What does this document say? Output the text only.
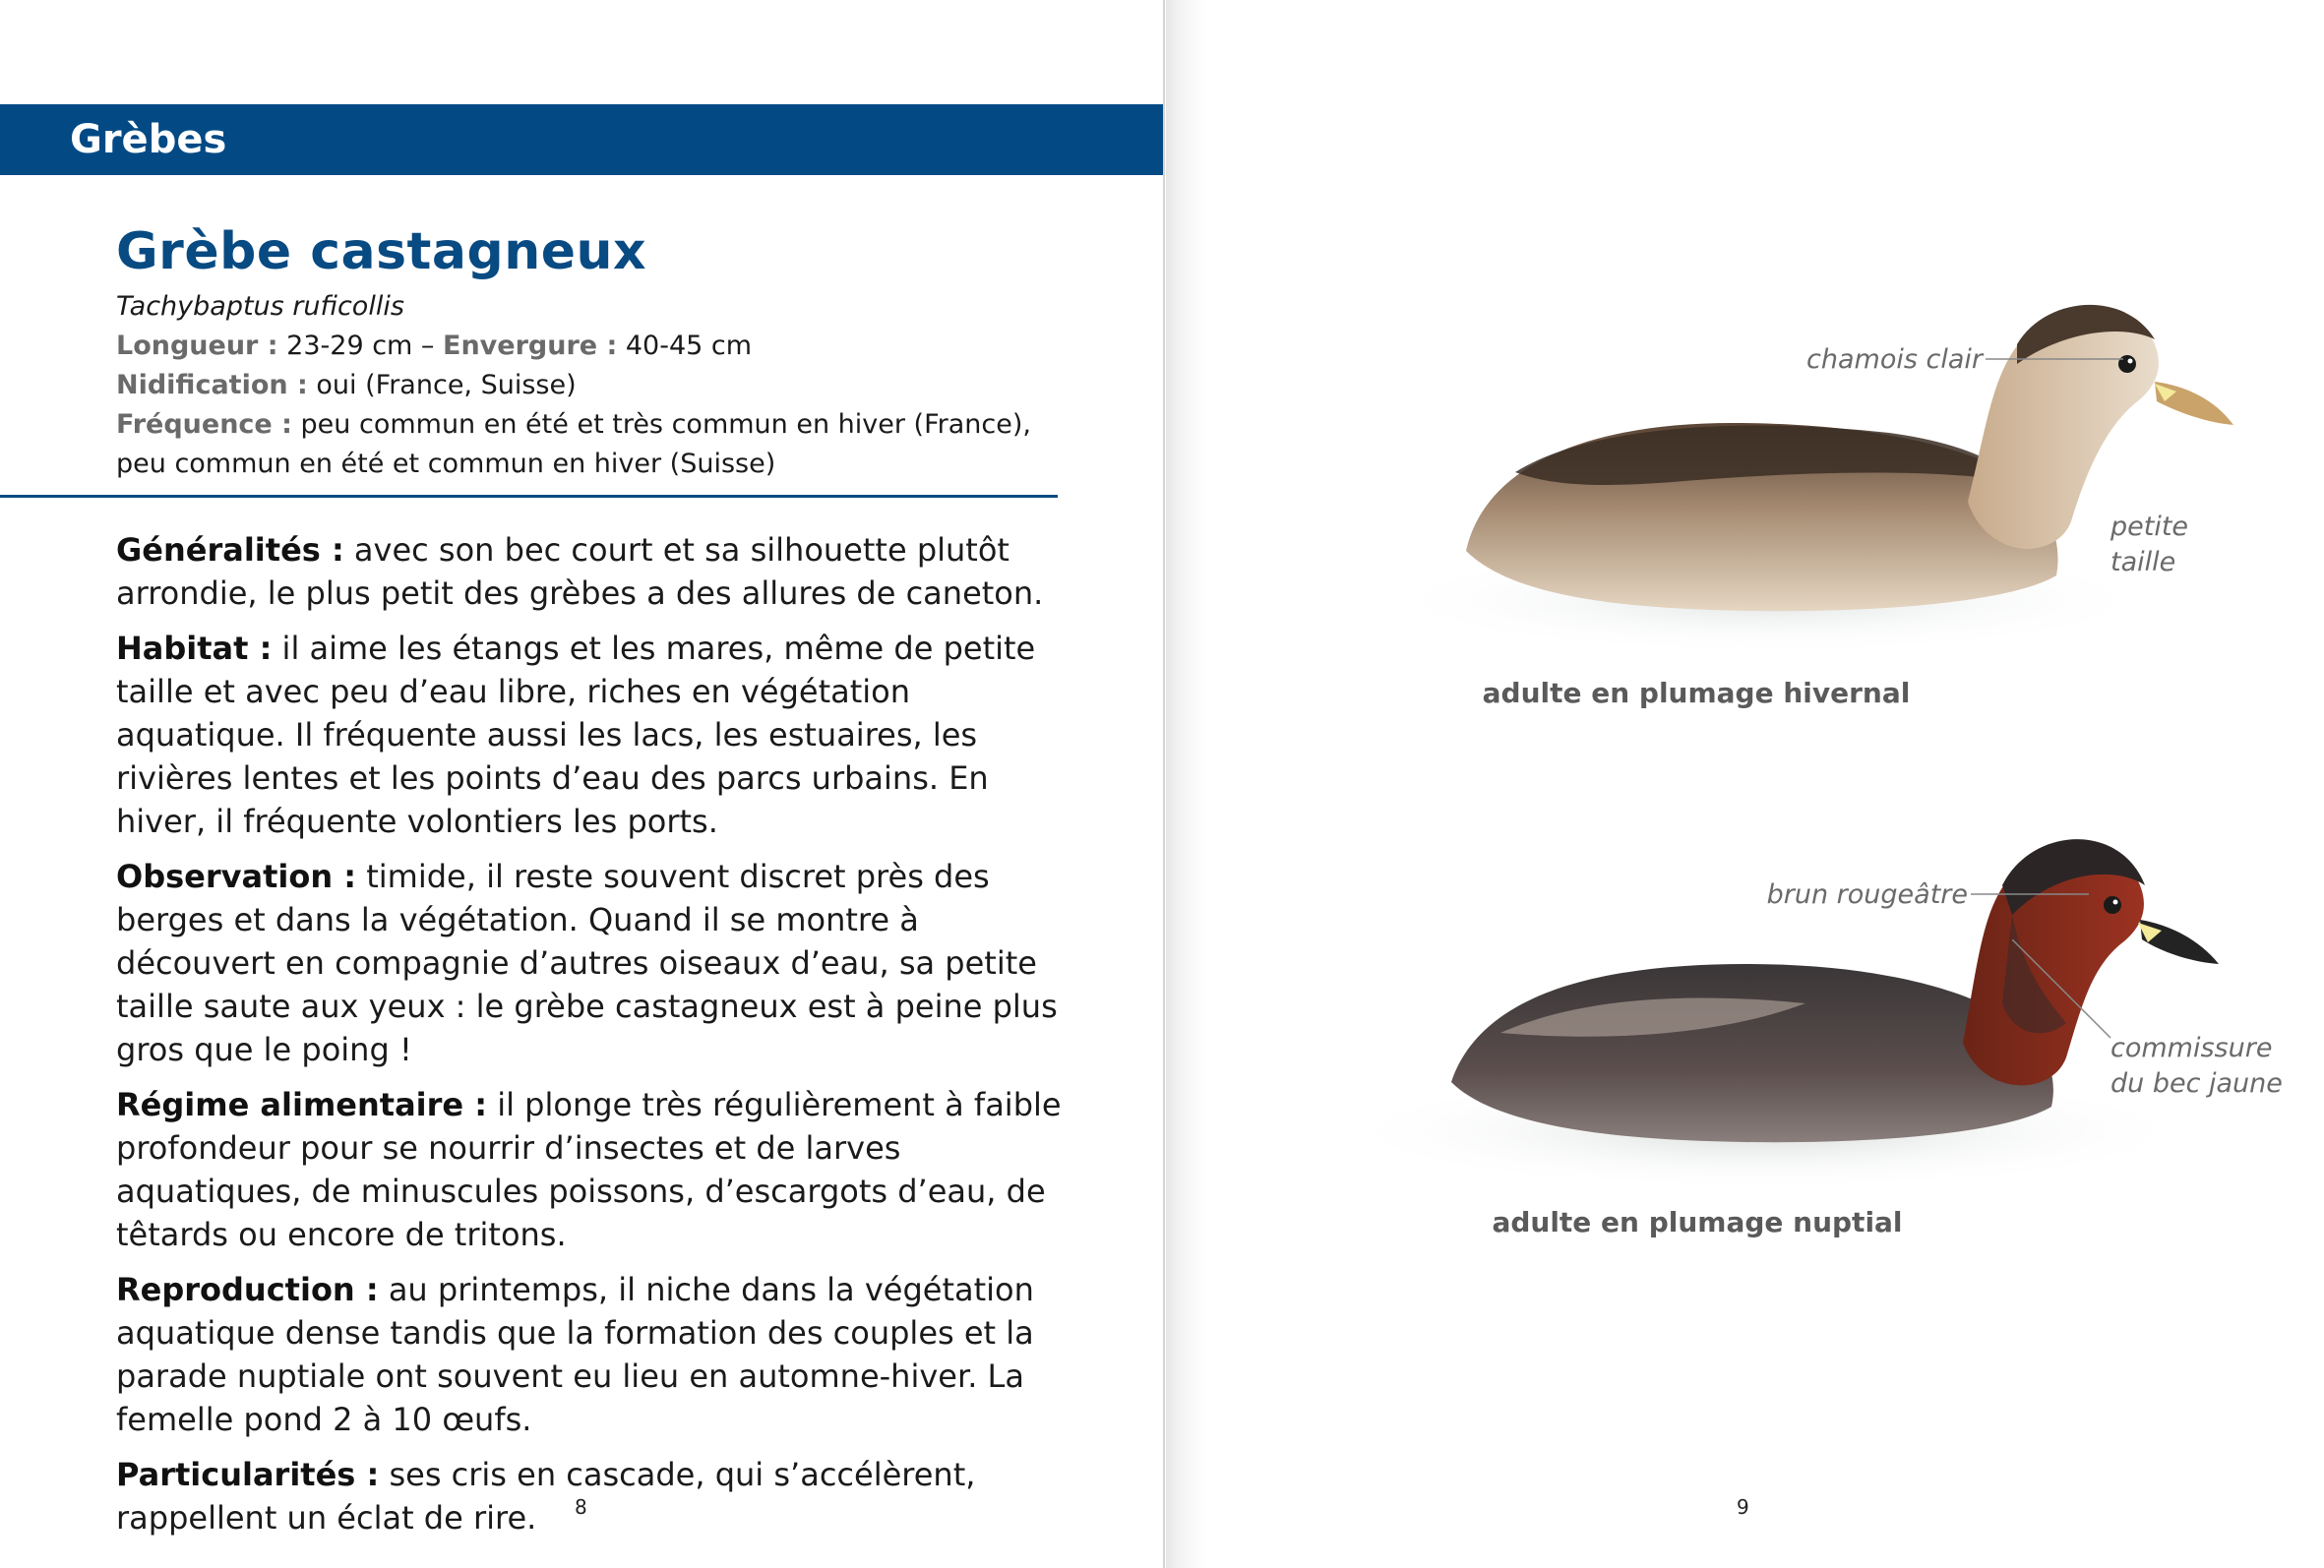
Grèbes
Grèbe castagneux
Tachybaptus ruficollis
Longueur : 23-29 cm – Envergure : 40-45 cm
Nidification : oui (France, Suisse)
Fréquence : peu commun en été et très commun en hiver (France),
peu commun en été et commun en hiver (Suisse)

Généralités : avec son bec court et sa silhouette plutôt arrondie, le plus petit des grèbes a des allures de caneton.

Habitat : il aime les étangs et les mares, même de petite taille et avec peu d’eau libre, riches en végétation aquatique. Il fréquente aussi les lacs, les estuaires, les rivières lentes et les points d’eau des parcs urbains. En hiver, il fréquente volontiers les ports.

Observation : timide, il reste souvent discret près des berges et dans la végétation. Quand il se montre à découvert en compagnie d’autres oiseaux d’eau, sa petite taille saute aux yeux : le grèbe castagneux est à peine plus gros que le poing !

Régime alimentaire : il plonge très régulièrement à faible profondeur pour se nourrir d’insectes et de larves aquatiques, de minuscules poissons, d’escargots d’eau, de têtards ou encore de tritons.

Reproduction : au printemps, il niche dans la végétation aquatique dense tandis que la formation des couples et la parade nuptiale ont souvent eu lieu en automne-hiver. La femelle pond 2 à 10 œufs.

Particularités : ses cris en cascade, qui s’accélèrent, rappellent un éclat de rire.	8
chamois clair
petite
taille
adulte en plumage hivernal
brun rougeâtre
commissure
du bec jaune
adulte en plumage nuptial
9
